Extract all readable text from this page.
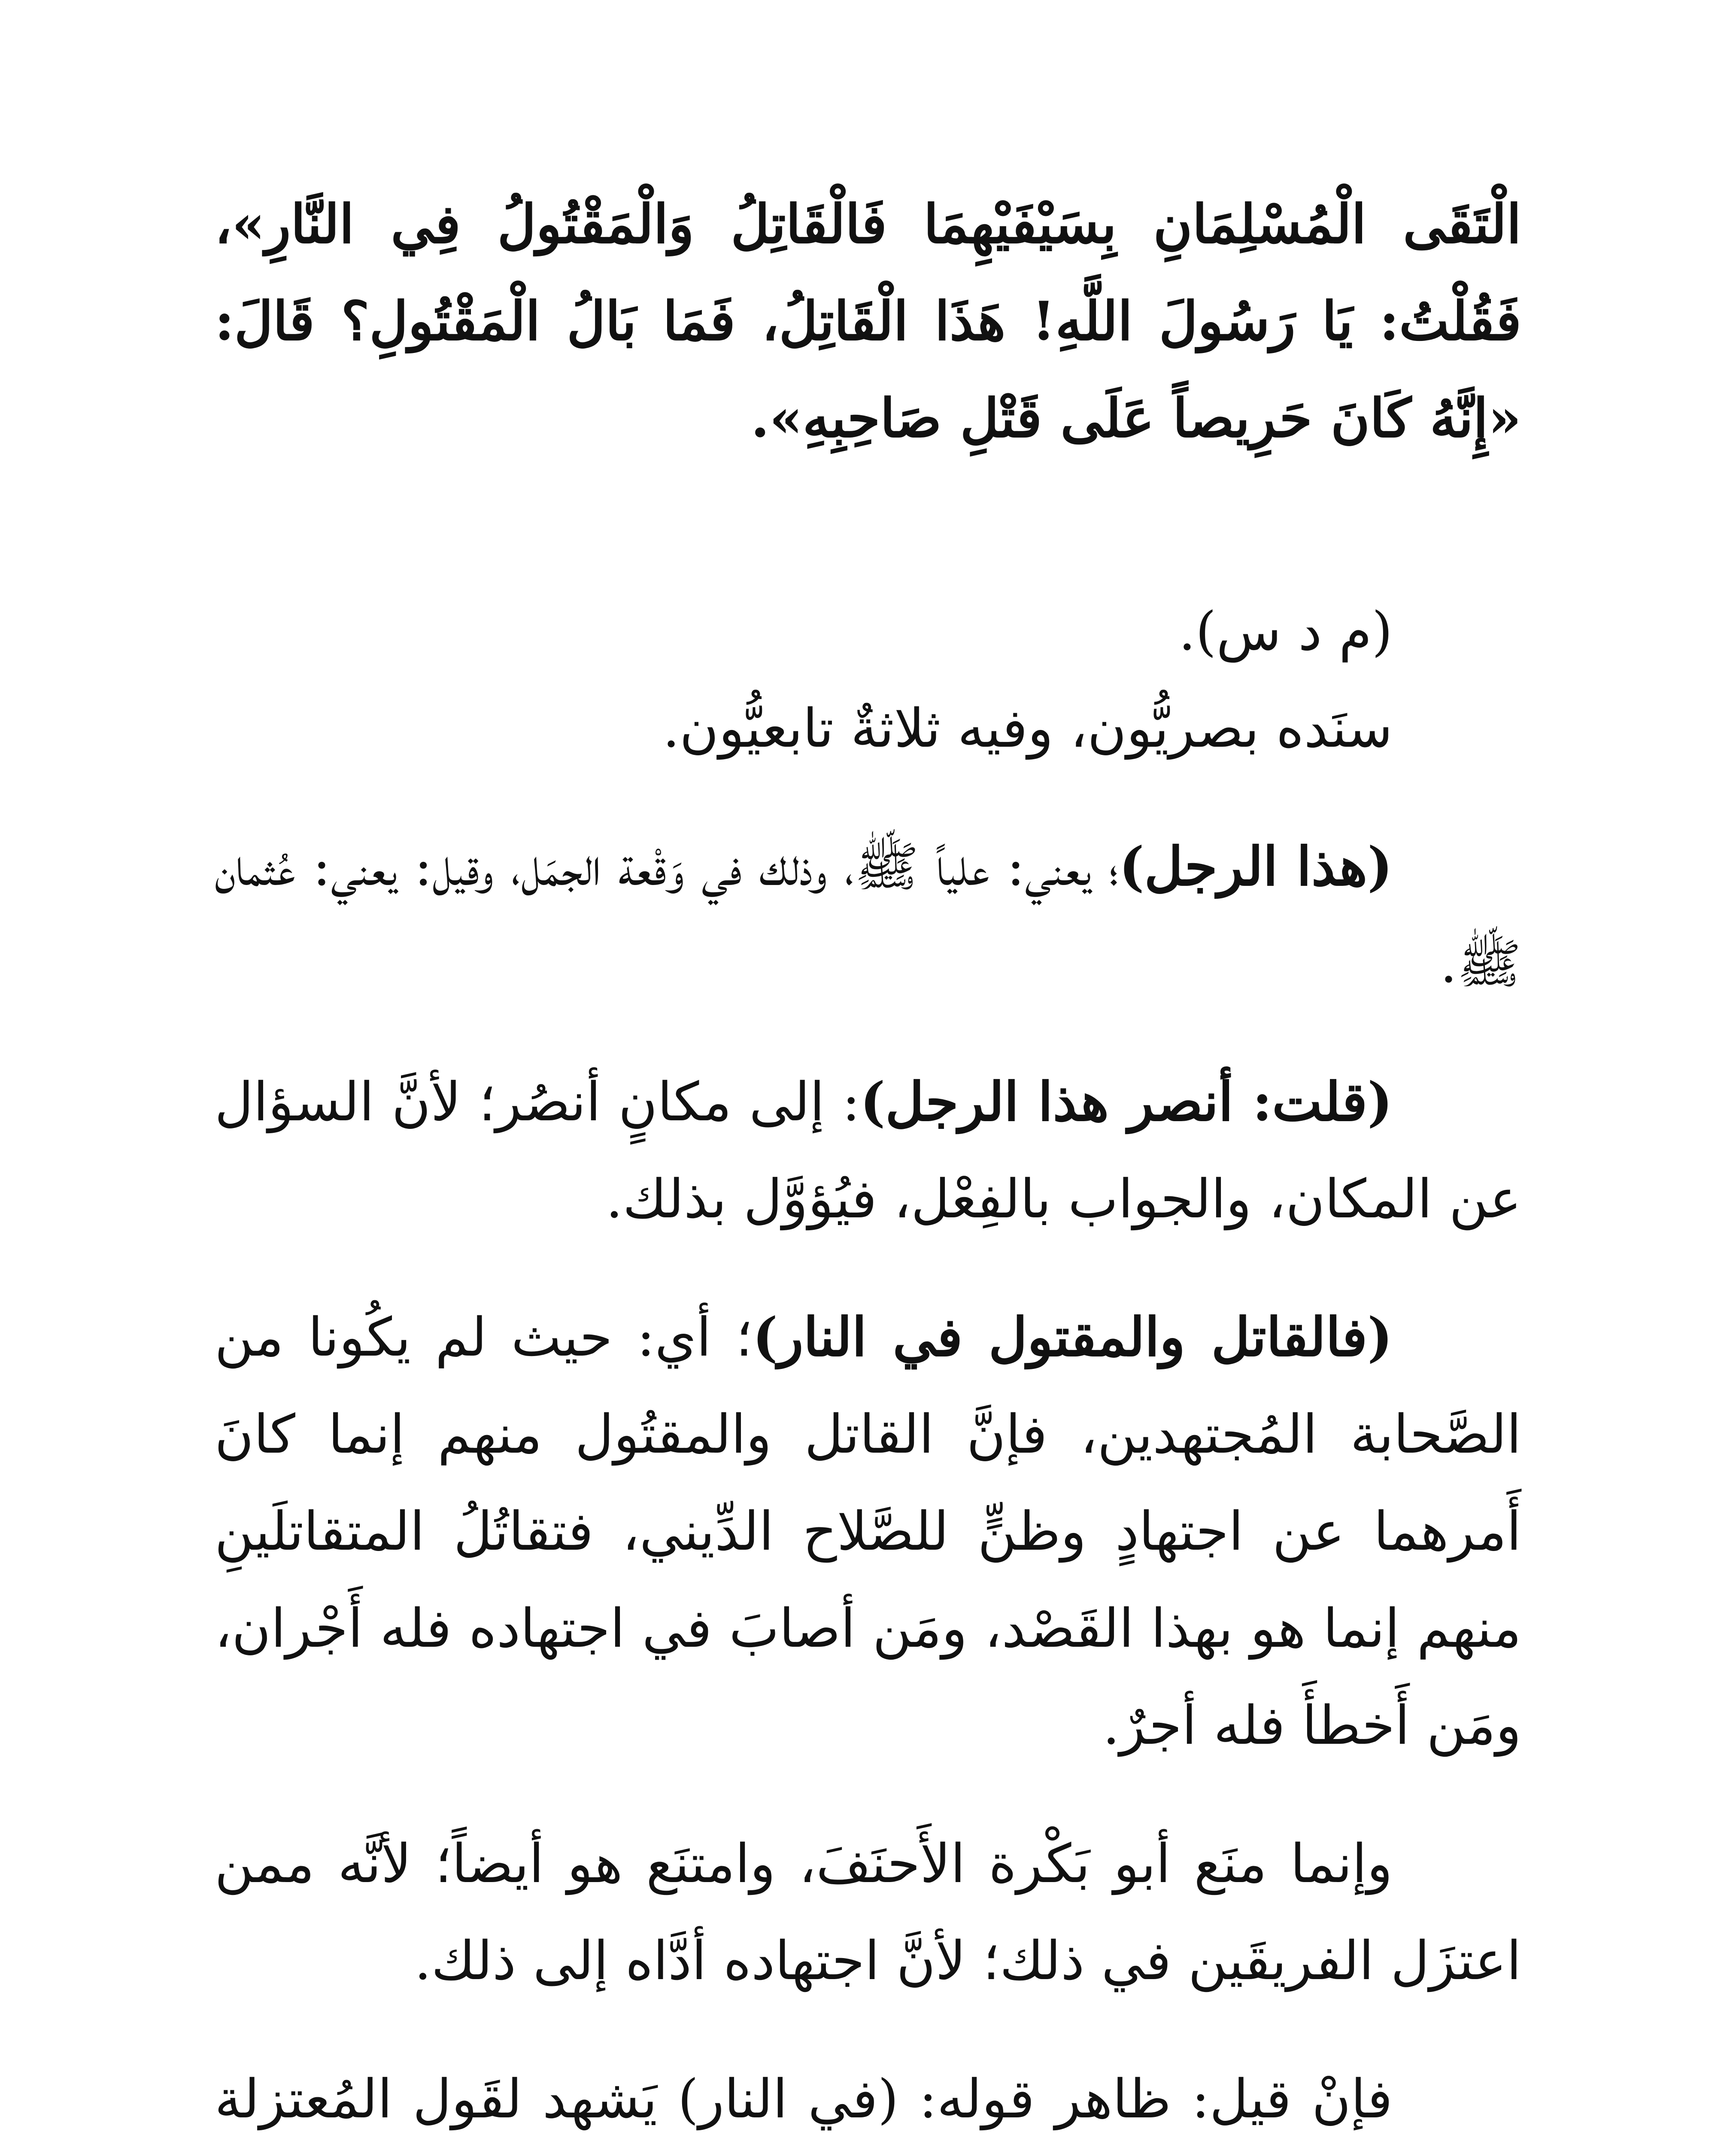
الْتَقَى الْمُسْلِمَانِ بِسَيْفَيْهِمَا فَالْقَاتِلُ وَالْمَقْتُولُ فِي النَّارِ»، فَقُلْتُ: يَا رَسُولَ اللَّهِ! هَذَا الْقَاتِلُ، فَمَا بَالُ الْمَقْتُولِ؟ قَالَ: «إِنَّهُ كَانَ حَرِيصاً عَلَى قَتْلِ صَاحِبِهِ».

(م د س).

سنَده بصريُّون، وفيه ثلاثةٌ تابعيُّون.

(هذا الرجل)؛ يعني: علياً ﷺ، وذلك في وَقْعة الجمَل، وقيل: يعني: عُثمان ﷺ.

(قلت: أنصر هذا الرجل): إلى مكانٍ أنصُر؛ لأنَّ السؤال عن المكان، والجواب بالفِعْل، فيُؤوَّل بذلك.

(فالقاتل والمقتول في النار)؛ أي: حيث لم يكُونا من الصَّحابة المُجتهدين، فإنَّ القاتل والمقتُول منهم إنما كانَ أَمرهما عن اجتهادٍ وظنٍّ للصَّلاح الدِّيني، فتقاتُلُ المتقاتلَينِ منهم إنما هو بهذا القَصْد، ومَن أصابَ في اجتهاده فله أَجْران، ومَن أَخطأَ فله أجرٌ.

وإنما منَع أبو بَكْرة الأَحنَفَ، وامتنَع هو أيضاً؛ لأنَّه ممن اعتزَل الفريقَين في ذلك؛ لأنَّ اجتهاده أدَّاه إلى ذلك.

فإنْ قيل: ظاهر قوله: (في النار) يَشهد لقَول المُعتزلة
